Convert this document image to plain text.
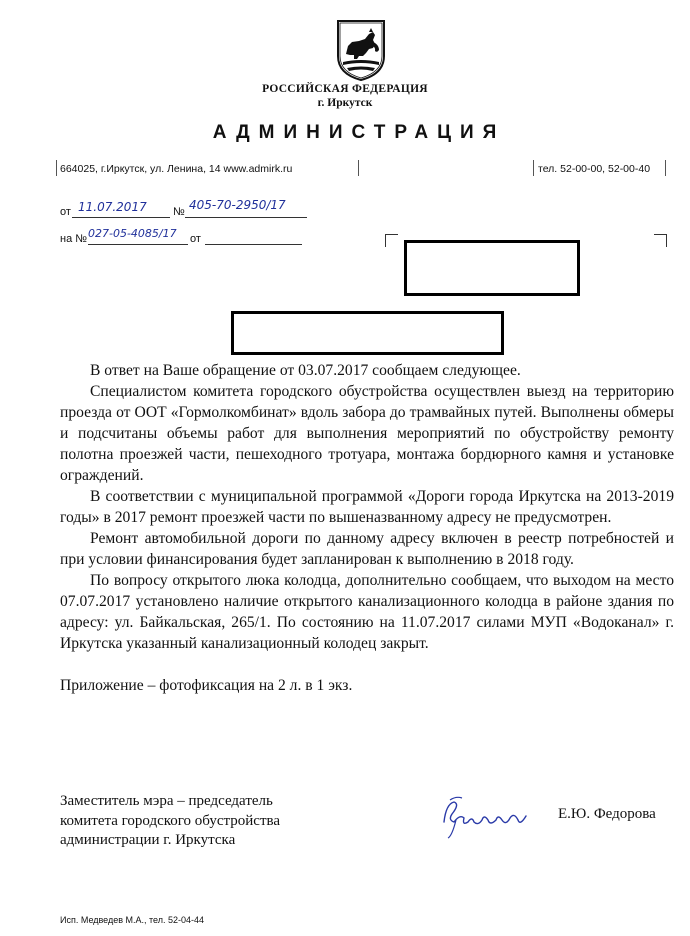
РОССИЙСКАЯ ФЕДЕРАЦИЯ
г. Иркутск
АДМИНИСТРАЦИЯ
664025, г.Иркутск, ул. Ленина, 14 www.admirk.ru	тел. 52-00-00, 52-00-40
от 11.07.2017 № 405-70-2950/17
на № 027-05-4085/17 от

В ответ на Ваше обращение от 03.07.2017 сообщаем следующее.

Специалистом комитета городского обустройства осуществлен выезд на территорию проезда от ООТ «Гормолкомбинат» вдоль забора до трамвайных путей. Выполнены обмеры и подсчитаны объемы работ для выполнения мероприятий по обустройству ремонту полотна проезжей части, пешеходного тротуара, монтажа бордюрного камня и установке ограждений.

В соответствии с муниципальной программой «Дороги города Иркутска на 2013-2019 годы» в 2017 ремонт проезжей части по вышеназванному адресу не предусмотрен.

Ремонт автомобильной дороги по данному адресу включен в реестр потребностей и при условии финансирования будет запланирован к выполнению в 2018 году.

По вопросу открытого люка колодца, дополнительно сообщаем, что выходом на место 07.07.2017 установлено наличие открытого канализационного колодца в районе здания по адресу: ул. Байкальская, 265/1. По состоянию на 11.07.2017 силами МУП «Водоканал» г. Иркутска указанный канализационный колодец закрыт.

Приложение – фотофиксация на 2 л. в 1 экз.

Заместитель мэра – председатель
комитета городского обустройства
администрации г. Иркутска
Е.Ю. Федорова
Исп. Медведев М.А., тел. 52-04-44
